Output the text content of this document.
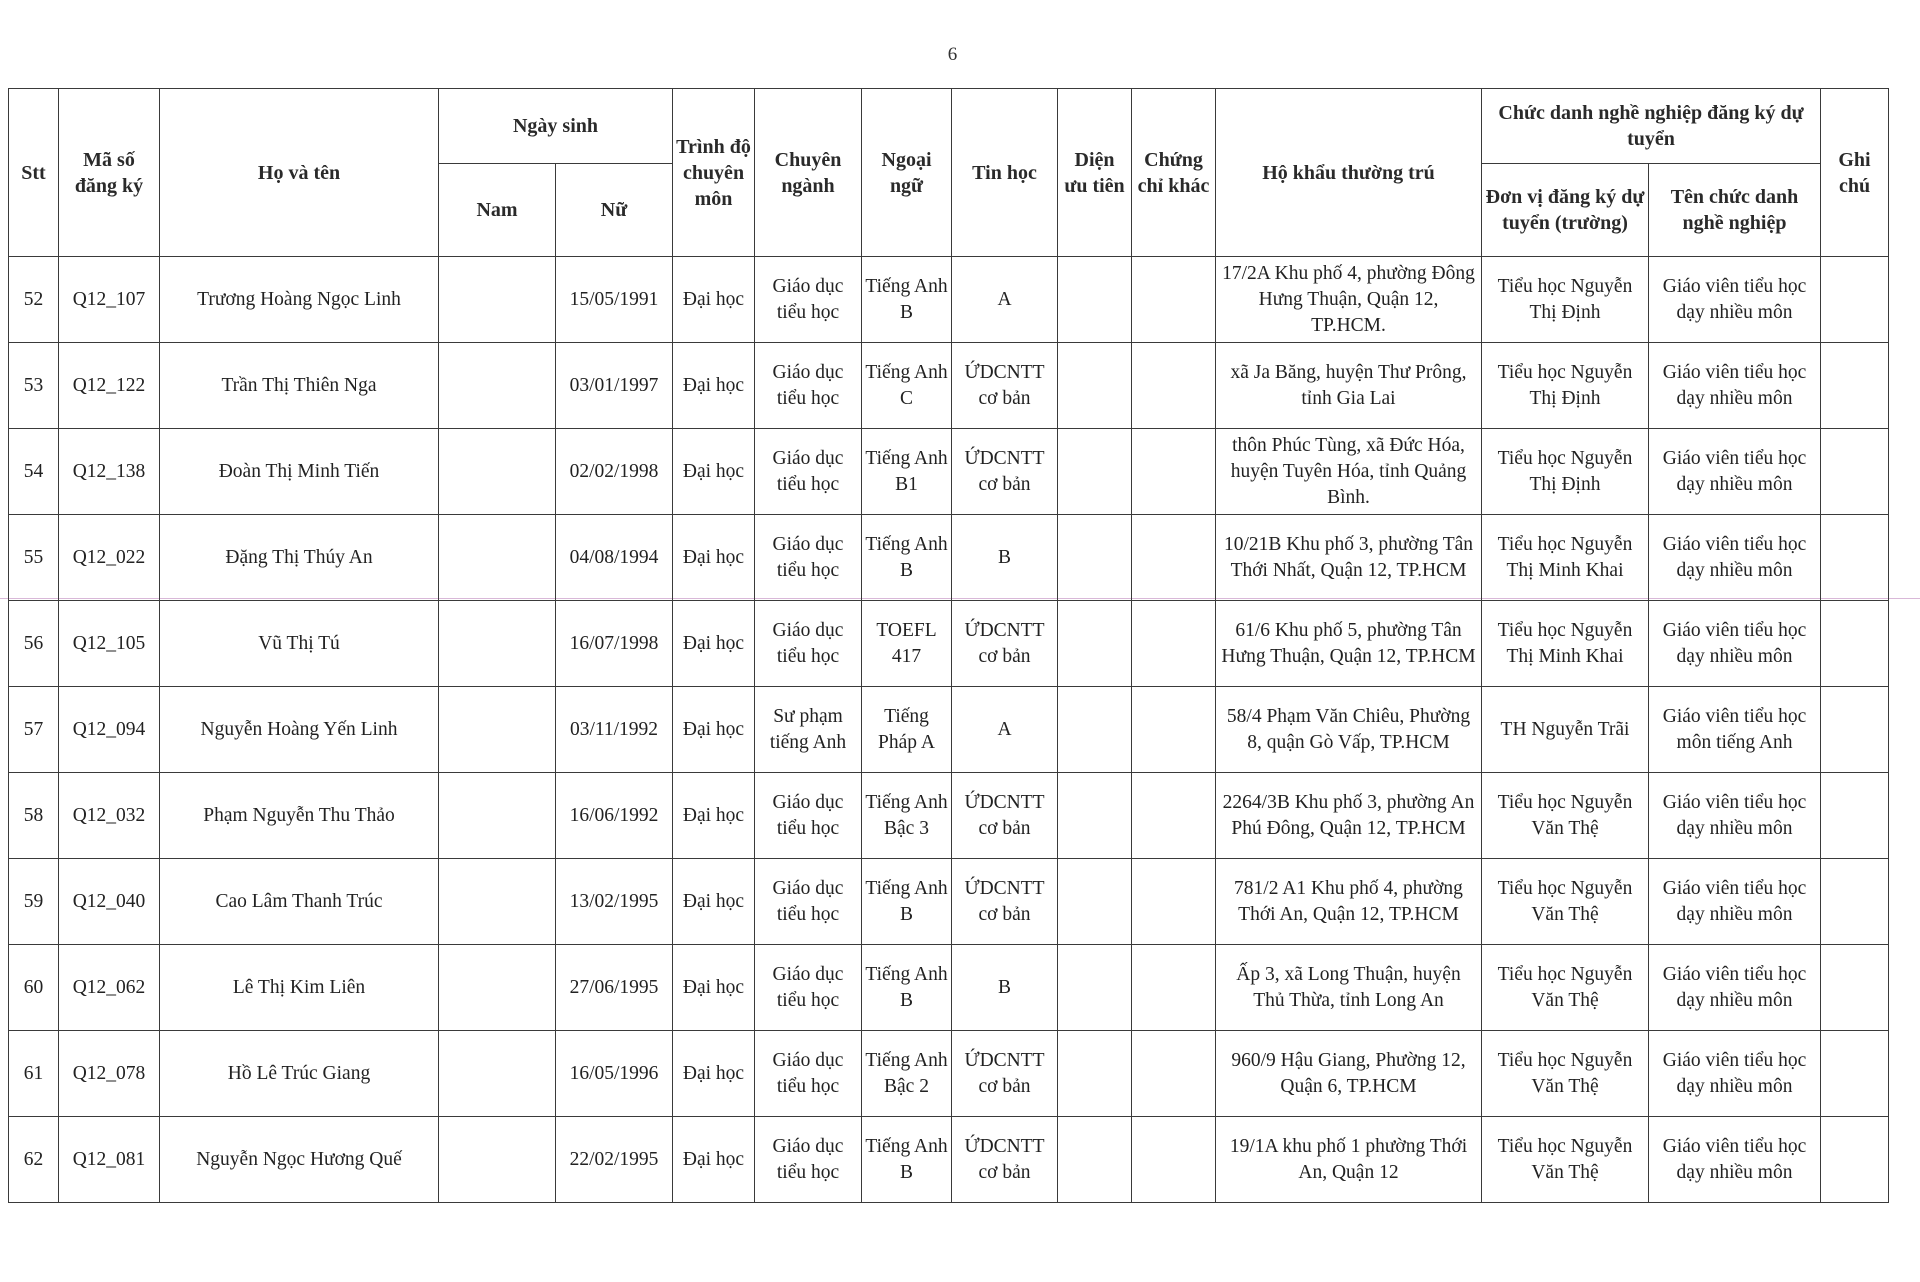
6
Stt	Mã số đăng ký	Họ và tên	Ngày sinh		Trình độ chuyên môn	Chuyên ngành	Ngoại ngữ	Tin học	Diện ưu tiên	Chứng chỉ khác	Hộ khẩu thường trú	Chức danh nghề nghiệp đăng ký dự tuyển		Ghi chú
			Nam	Nữ								Đơn vị đăng ký dự tuyển (trường)	Tên chức danh nghề nghiệp	
52	Q12_107	Trương Hoàng Ngọc Linh		15/05/1991	Đại học	Giáo dục tiểu học	Tiếng Anh B	A			17/2A Khu phố 4, phường Đông Hưng Thuận, Quận 12, TP.HCM.	Tiểu học Nguyễn Thị Định	Giáo viên tiểu học dạy nhiều môn	
53	Q12_122	Trần Thị Thiên Nga		03/01/1997	Đại học	Giáo dục tiểu học	Tiếng Anh C	ỨDCNTT cơ bản			xã Ja Băng, huyện Thư Prông, tỉnh Gia Lai	Tiểu học Nguyễn Thị Định	Giáo viên tiểu học dạy nhiều môn	
54	Q12_138	Đoàn Thị Minh Tiến		02/02/1998	Đại học	Giáo dục tiểu học	Tiếng Anh B1	ỨDCNTT cơ bản			thôn Phúc Tùng, xã Đức Hóa, huyện Tuyên Hóa, tỉnh Quảng Bình.	Tiểu học Nguyễn Thị Định	Giáo viên tiểu học dạy nhiều môn	
55	Q12_022	Đặng Thị Thúy An		04/08/1994	Đại học	Giáo dục tiểu học	Tiếng Anh B	B			10/21B Khu phố 3, phường Tân Thới Nhất, Quận 12, TP.HCM	Tiểu học Nguyễn Thị Minh Khai	Giáo viên tiểu học dạy nhiều môn	
56	Q12_105	Vũ Thị Tú		16/07/1998	Đại học	Giáo dục tiểu học	TOEFL 417	ỨDCNTT cơ bản			61/6 Khu phố 5, phường Tân Hưng Thuận, Quận 12, TP.HCM	Tiểu học Nguyễn Thị Minh Khai	Giáo viên tiểu học dạy nhiều môn	
57	Q12_094	Nguyễn Hoàng Yến Linh		03/11/1992	Đại học	Sư phạm tiếng Anh	Tiếng Pháp A	A			58/4 Phạm Văn Chiêu, Phường 8, quận Gò Vấp, TP.HCM	TH Nguyễn Trãi	Giáo viên tiểu học môn tiếng Anh	
58	Q12_032	Phạm Nguyễn Thu Thảo		16/06/1992	Đại học	Giáo dục tiểu học	Tiếng Anh Bậc 3	ỨDCNTT cơ bản			2264/3B Khu phố 3, phường An Phú Đông, Quận 12, TP.HCM	Tiểu học Nguyễn Văn Thệ	Giáo viên tiểu học dạy nhiều môn	
59	Q12_040	Cao Lâm Thanh Trúc		13/02/1995	Đại học	Giáo dục tiểu học	Tiếng Anh B	ỨDCNTT cơ bản			781/2 A1 Khu phố 4, phường Thới An, Quận 12, TP.HCM	Tiểu học Nguyễn Văn Thệ	Giáo viên tiểu học dạy nhiều môn	
60	Q12_062	Lê Thị Kim Liên		27/06/1995	Đại học	Giáo dục tiểu học	Tiếng Anh B	B			Ấp 3, xã Long Thuận, huyện Thủ Thừa, tỉnh Long An	Tiểu học Nguyễn Văn Thệ	Giáo viên tiểu học dạy nhiều môn	
61	Q12_078	Hồ Lê Trúc Giang		16/05/1996	Đại học	Giáo dục tiểu học	Tiếng Anh Bậc 2	ỨDCNTT cơ bản			960/9 Hậu Giang, Phường 12, Quận 6, TP.HCM	Tiểu học Nguyễn Văn Thệ	Giáo viên tiểu học dạy nhiều môn	
62	Q12_081	Nguyễn Ngọc Hương Quế		22/02/1995	Đại học	Giáo dục tiểu học	Tiếng Anh B	ỨDCNTT cơ bản			19/1A khu phố 1 phường Thới An, Quận 12	Tiểu học Nguyễn Văn Thệ	Giáo viên tiểu học dạy nhiều môn	
